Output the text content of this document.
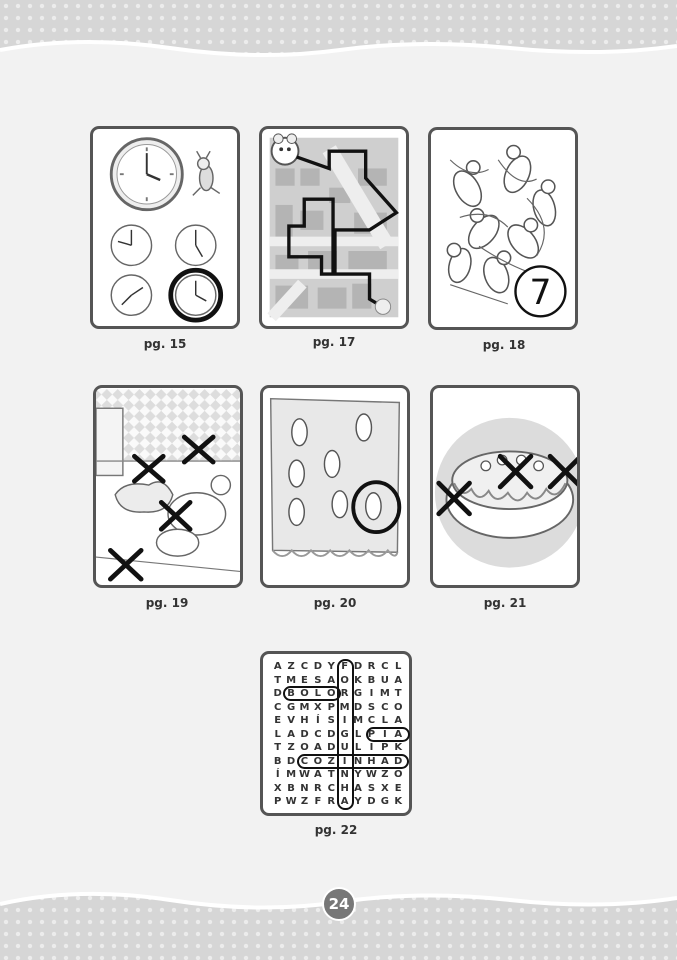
pg. 15	pg. 17
7
pg. 18
pg. 19	pg. 20	pg. 21
A Z C D Y F D R C L
T M E S A O K B U A
D B O L O R G I M T
C G M X P M D S C O
E V H Í S I M C L A
L A D C D G L P I A
T Z O A D U L I P K
B D C O Z I N H A D
Í M W A T N Y W Z O
X B N R C H A S X E
P W Z F R A Y D G K
pg. 22
24
